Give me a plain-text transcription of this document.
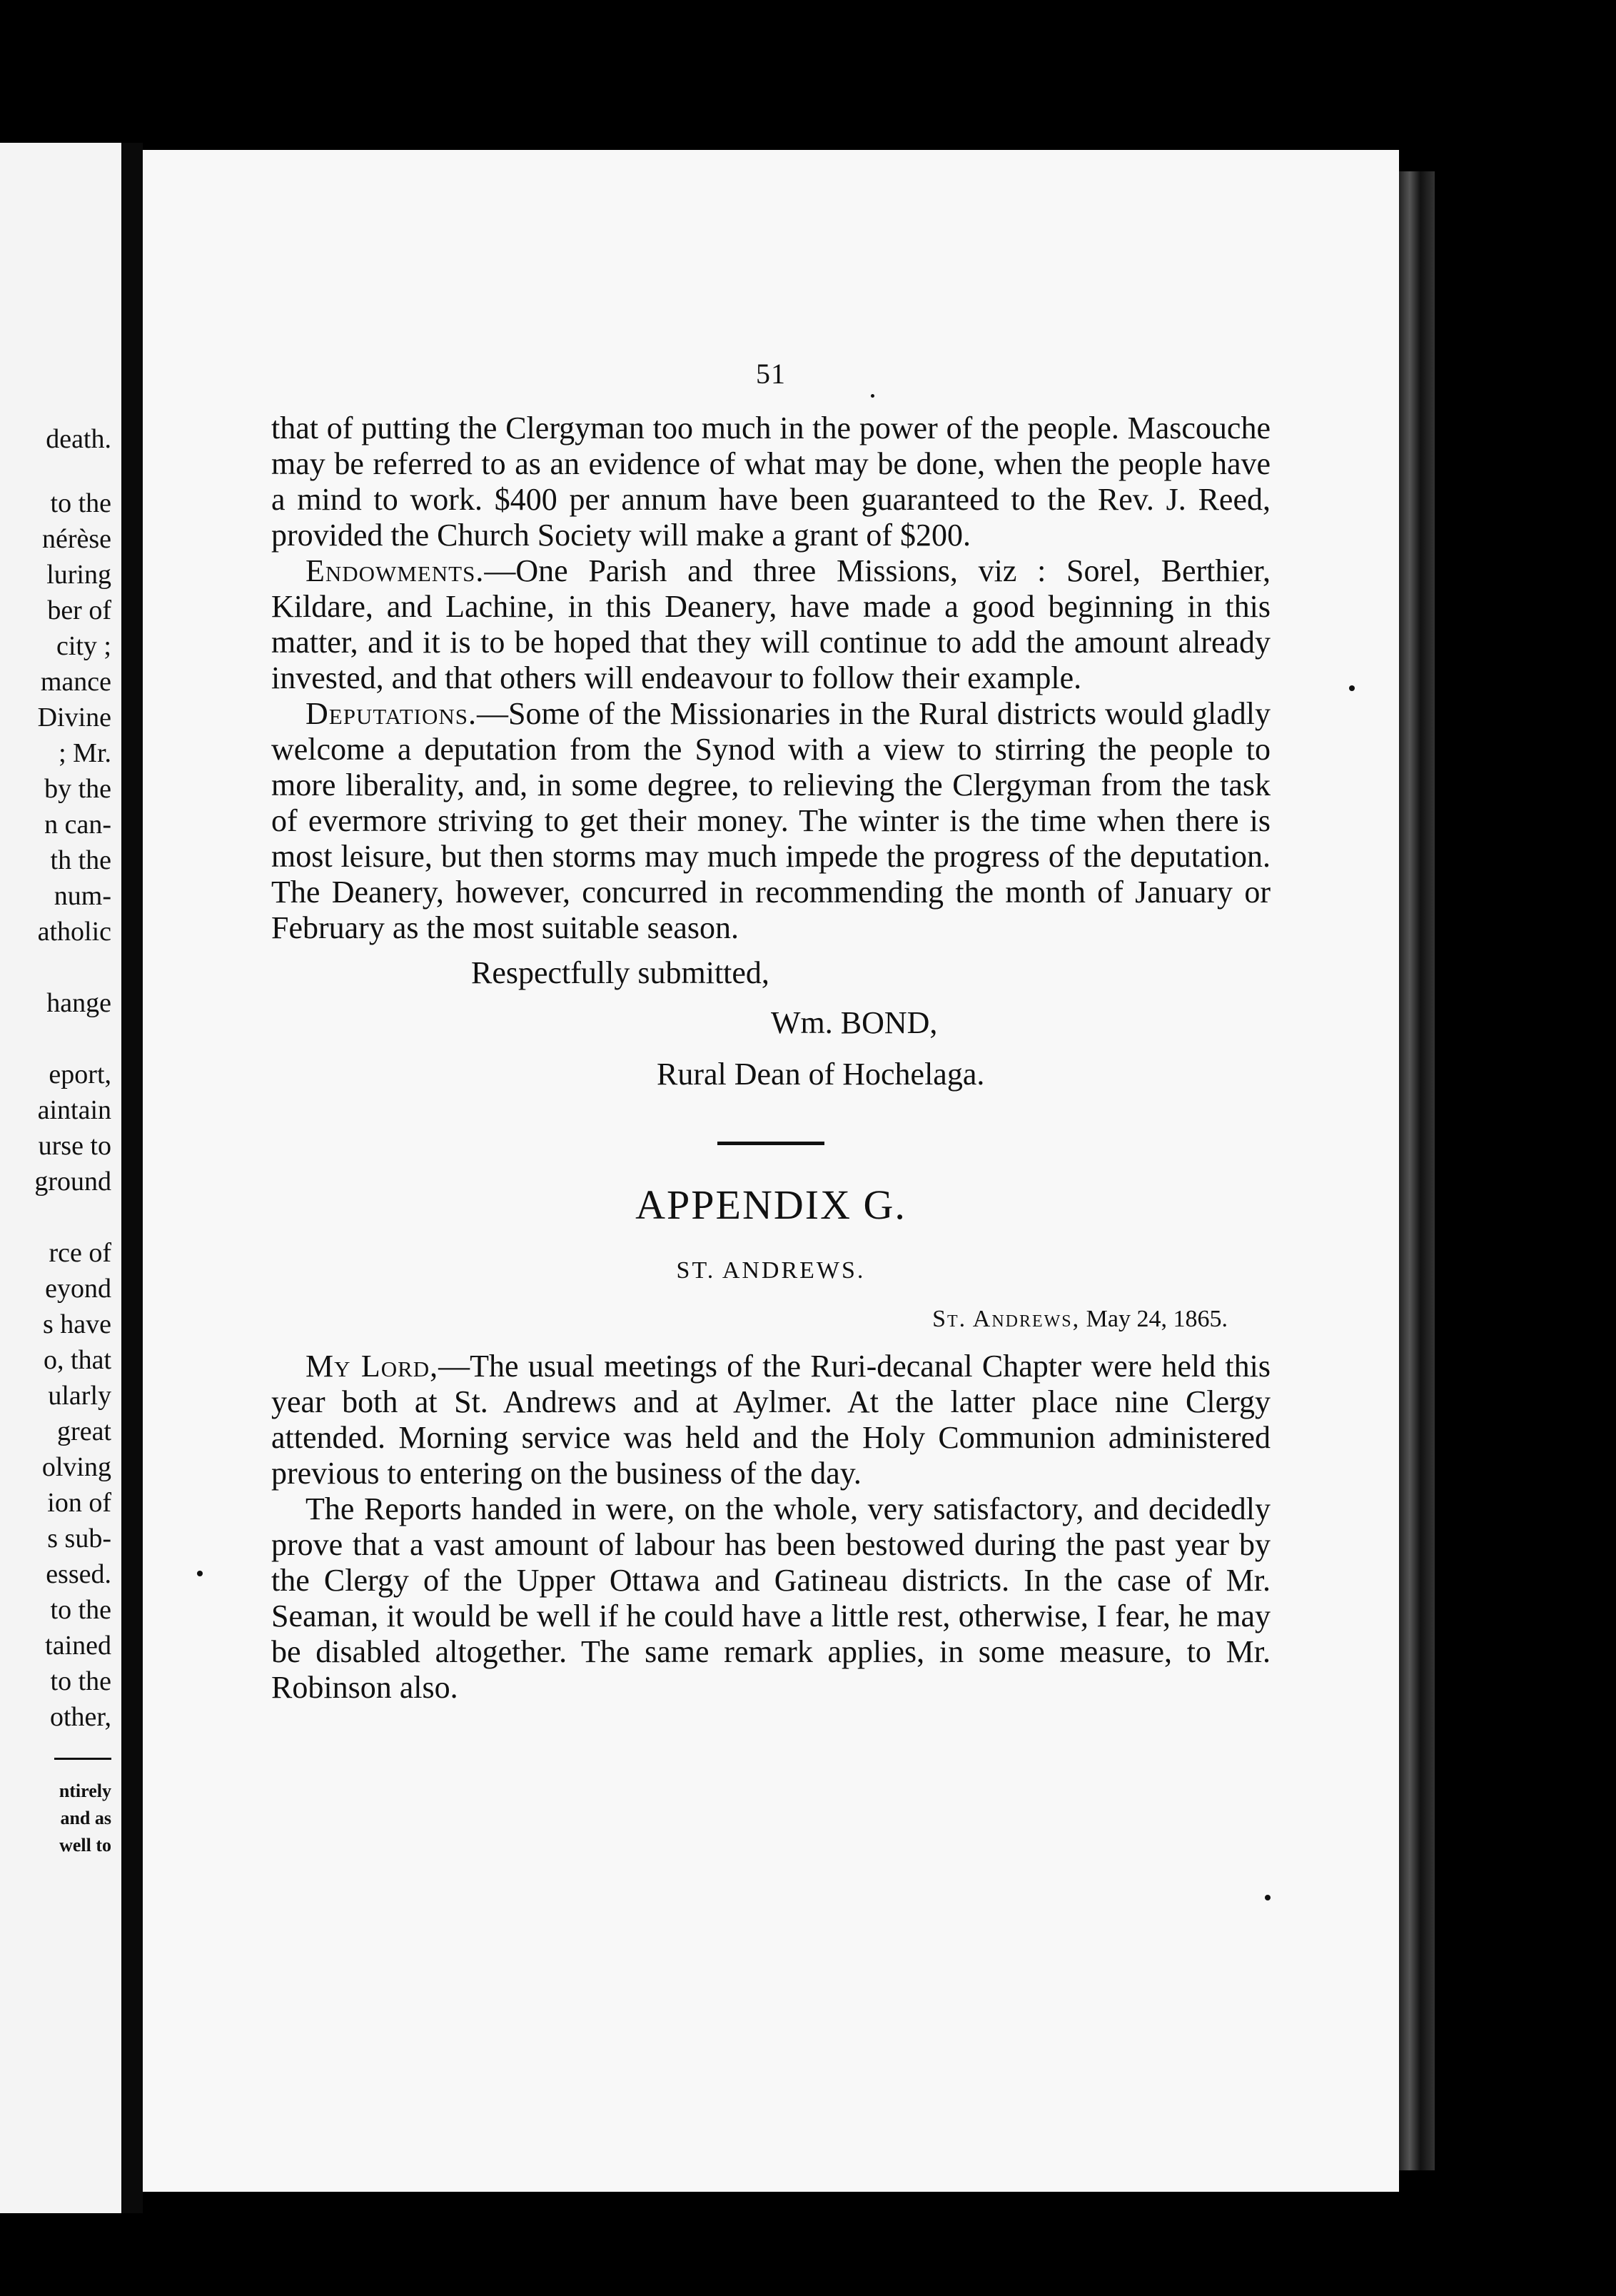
death.
to the
nérèse
luring
ber of
city ;
mance
Divine
; Mr.
by the
n can-
th the
num-
atholic
hange
eport,
aintain
urse to
ground
rce of
eyond
s have
o, that
ularly
great
olving
ion of
s sub-
essed.
to the
tained
to the
other,
ntirely
and as
well to
51

that of putting the Clergyman too much in the power of the people. Mascouche may be referred to as an evidence of what may be done, when the people have a mind to work. $400 per annum have been guaranteed to the Rev. J. Reed, provided the Church Society will make a grant of $200.

Endowments.—One Parish and three Missions, viz : Sorel, Berthier, Kildare, and Lachine, in this Deanery, have made a good beginning in this matter, and it is to be hoped that they will continue to add the amount already invested, and that others will endeavour to follow their example.

Deputations.—Some of the Missionaries in the Rural districts would gladly welcome a deputation from the Synod with a view to stirring the people to more liberality, and, in some degree, to relieving the Clergyman from the task of evermore striving to get their money. The winter is the time when there is most leisure, but then storms may much impede the progress of the deputation. The Deanery, however, concurred in recommending the month of January or February as the most suitable season.

Respectfully submitted,
Wm. BOND,
Rural Dean of Hochelaga.
APPENDIX G.
ST. ANDREWS.
St. Andrews, May 24, 1865.

My Lord,—The usual meetings of the Ruri-decanal Chapter were held this year both at St. Andrews and at Aylmer. At the latter place nine Clergy attended. Morning service was held and the Holy Communion administered previous to entering on the business of the day.

The Reports handed in were, on the whole, very satisfactory, and decidedly prove that a vast amount of labour has been bestowed during the past year by the Clergy of the Upper Ottawa and Gatineau districts. In the case of Mr. Seaman, it would be well if he could have a little rest, otherwise, I fear, he may be disabled altogether. The same remark applies, in some measure, to Mr. Robinson also.
